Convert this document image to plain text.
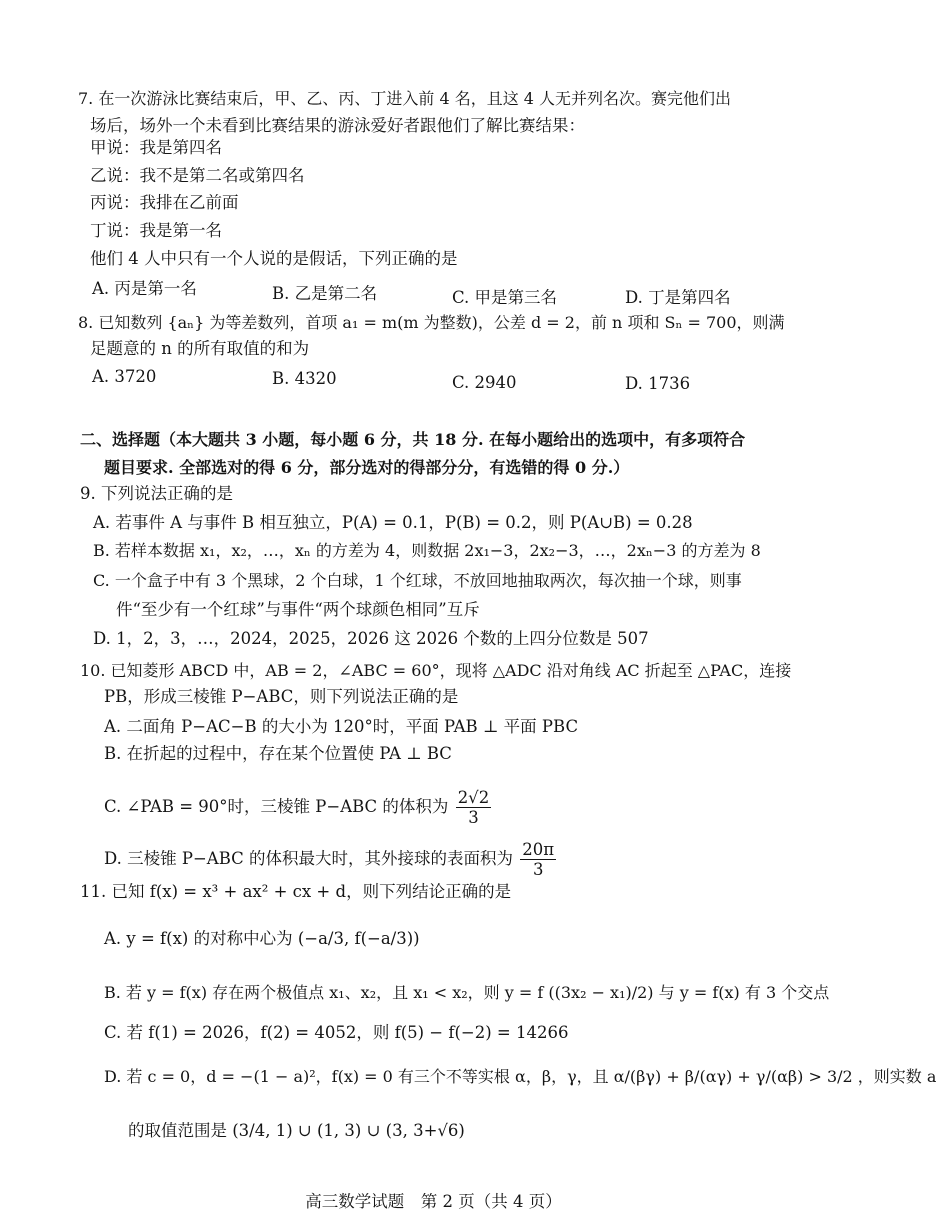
7. 在一次游泳比赛结束后，甲、乙、丙、丁进入前 4 名，且这 4 人无并列名次。赛完他们出
场后，场外一个未看到比赛结果的游泳爱好者跟他们了解比赛结果：
甲说：我是第四名
乙说：我不是第二名或第四名
丙说：我排在乙前面
丁说：我是第一名
他们 4 人中只有一个人说的是假话，下列正确的是
A. 丙是第一名	B. 乙是第二名	C. 甲是第三名	D. 丁是第四名
8. 已知数列 {aₙ} 为等差数列，首项 a₁ = m(m 为整数)，公差 d = 2，前 n 项和 Sₙ = 700，则满
足题意的 n 的所有取值的和为
A. 3720	B. 4320	C. 2940	D. 1736
二、选择题（本大题共 3 小题，每小题 6 分，共 18 分. 在每小题给出的选项中，有多项符合
题目要求. 全部选对的得 6 分，部分选对的得部分分，有选错的得 0 分.）
9. 下列说法正确的是
A. 若事件 A 与事件 B 相互独立，P(A) = 0.1，P(B) = 0.2，则 P(A∪B) = 0.28
B. 若样本数据 x₁，x₂，…，xₙ 的方差为 4，则数据 2x₁−3，2x₂−3，…，2xₙ−3 的方差为 8
C. 一个盒子中有 3 个黑球，2 个白球，1 个红球，不放回地抽取两次，每次抽一个球，则事
件“至少有一个红球”与事件“两个球颜色相同”互斥
D. 1，2，3，…，2024，2025，2026 这 2026 个数的上四分位数是 507
10. 已知菱形 ABCD 中，AB = 2，∠ABC = 60°，现将 △ADC 沿对角线 AC 折起至 △PAC，连接
PB，形成三棱锥 P−ABC，则下列说法正确的是
A. 二面角 P−AC−B 的大小为 120°时，平面 PAB ⊥ 平面 PBC
B. 在折起的过程中，存在某个位置使 PA ⊥ BC
C. ∠PAB = 90°时，三棱锥 P−ABC 的体积为 $\frac{2√2}{3}$
D. 三棱锥 P−ABC 的体积最大时，其外接球的表面积为 $\frac{20\pi}{3}$
11. 已知 f(x) = x³ + ax² + cx + d，则下列结论正确的是
A. y = f(x) 的对称中心为 (−a/3, f(−a/3))
B. 若 y = f(x) 存在两个极值点 x₁、x₂，且 x₁ < x₂，则 y = f ((3x₂ − x₁)/2) 与 y = f(x) 有 3 个交点
C. 若 f(1) = 2026，f(2) = 4052，则 f(5) − f(−2) = 14266
D. 若 c = 0，d = −(1 − a)²，f(x) = 0 有三个不等实根 α，β，γ，且 α/(βγ) + β/(αγ) + γ/(αβ) > 3/2 ，则实数 a
的取值范围是 (3/4, 1) ∪ (1, 3) ∪ (3, 3+√6)
高三数学试题　第 2 页（共 4 页）
